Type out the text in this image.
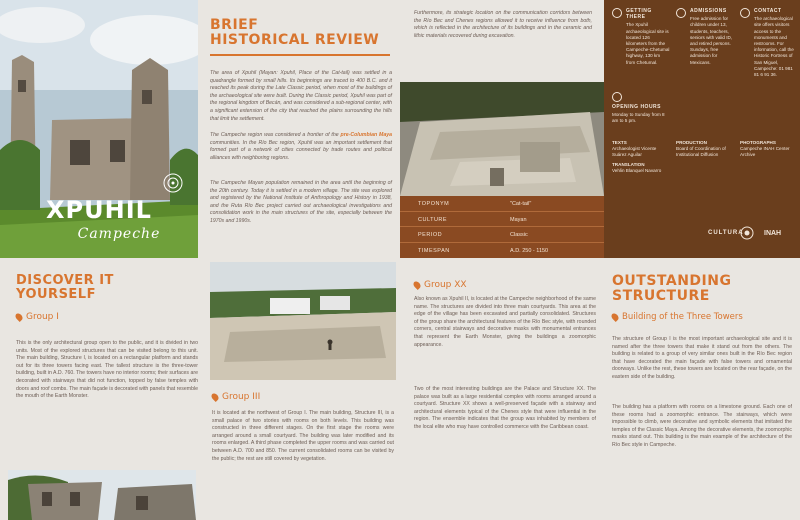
XPUHIL
Campeche
BRIEF
HISTORICAL REVIEW
The area of Xpuhil (Mayan: Xpuhil, Place of the Cat-tail) was settled in a quadrangle formed by small hills. Its beginnings are traced to 400 B.C. and it reached its peak during the Late Classic period, when most of the buildings of the archaeological site were built. During the Classic period, Xpuhil was part of the regional kingdom of Becán, and was considered a sub-regional center, with a significant extension of the city that reached the plains surrounding the hills that limit the settlement.
The Campeche region was considered a frontier of the pre-Columbian Maya communities. In the Río Bec region, Xpuhil was an important settlement that formed part of a network of cities connected by trade routes and political alliances with neighboring regions.
The Campeche Mayan population remained in the area until the beginning of the 20th century. Today it is settled in a modern village. The site was explored and registered by the National Institute of Anthropology and History in 1938, and the Ruta Río Bec project carried out archaeological investigations and consolidation work in the main structures of the site, especially between the 1970s and 1990s.
Furthermore, its strategic location on the communication corridors between the Río Bec and Chenes regions allowed it to receive influence from both, which is reflected in the architecture of its buildings and in the ceramic and lithic materials recovered during excavation.
TOPONYM	"Cat-tail"
CULTURE	Mayan
PERIOD	Classic
TIMESPAN	A.D. 250 - 1150
GETTING THERE
The Xpuhil archaeological site is located 126 kilometers from the Campeche-Chetumal highway, 130 km from Chetumal.
OPENING HOURS
Monday to Sunday from 8 am to 5 pm.
ADMISSIONS
Free admission for children under 13, students, teachers, seniors with valid ID, and retired persons. Sundays, free admission for Mexicans.
CONTACT
The archaeological site offers visitors access to the monuments and restrooms. For information, call the Historic Fortress of San Miguel, Campeche: 01 981 81 6 91 36.
TEXTS
Archaeologist Vicente Suárez Aguilar
PRODUCTION
Board of Coordination of Institutional Diffusion
PHOTOGRAPHS
Campeche INAH Center Archive
TRANSLATION
Vehlin Blanquel Navarro
CULTURA	INAH
DISCOVER IT
YOURSELF
Group I
This is the only architectural group open to the public, and it is divided in two units. Most of the explored structures that can be visited belong to this unit. The main building, Structure I, is located on a rectangular platform and stands out for its three towers facing east. The tallest structure is the three-tower building, built in A.D. 760. The towers have no interior rooms; their surfaces are decorated with stairways that did not function, topped by false temples with doors and roof combs. The main façade is decorated with panels that resemble the mouth of the Earth Monster.	Group III
It is located at the northwest of Group I. The main building, Structure III, is a small palace of two stories with rooms on both levels. This building was constructed in three different stages. On the first stage the rooms were arranged around a small courtyard. The building was later modified and its rooms enlarged. A third phase completed the upper rooms and was carried out between A.D. 700 and 850. The current consolidated rooms can be visited by the public; the rest are still covered by vegetation.
Group XX
Also known as Xpuhil II, is located at the Campeche neighborhood of the same name. The structures are divided into three main courtyards. This area at the edge of the village has been excavated and partially consolidated. Structures of the group share the architectural features of the Río Bec style, with rounded corners, central stairways and decorative masks with monumental entrances that represent the Earth Monster, giving the buildings a zoomorphic appearance.
Two of the most interesting buildings are the Palace and Structure XX. The palace was built as a large residential complex with rooms arranged around a courtyard. Structure XX shows a well-preserved façade with a stairway and architectural elements typical of the Chenes style that were influential in the region. The ensemble indicates that the group was inhabited by members of the local elite who may have controlled commerce with the Caribbean coast.
OUTSTANDING
STRUCTURE
Building of the Three Towers
The structure of Group I is the most important archaeological site and it is named after the three towers that make it stand out from the others. The building is related to a group of very similar ones built in the Río Bec region that have decorated the main façade with false towers and ornamental doorways. Unlike the rest, these towers are located on the rear façade, on the eastern side of the building.
The building has a platform with rooms on a limestone ground. Each one of these rooms had a zoomorphic entrance. The stairways, which were impossible to climb, were decorative and symbolic elements that imitated the temples of the Classic Maya. Among the decorative elements, the zoomorphic masks stand out. This building is the main example of the architecture of the Río Bec style in Campeche.
